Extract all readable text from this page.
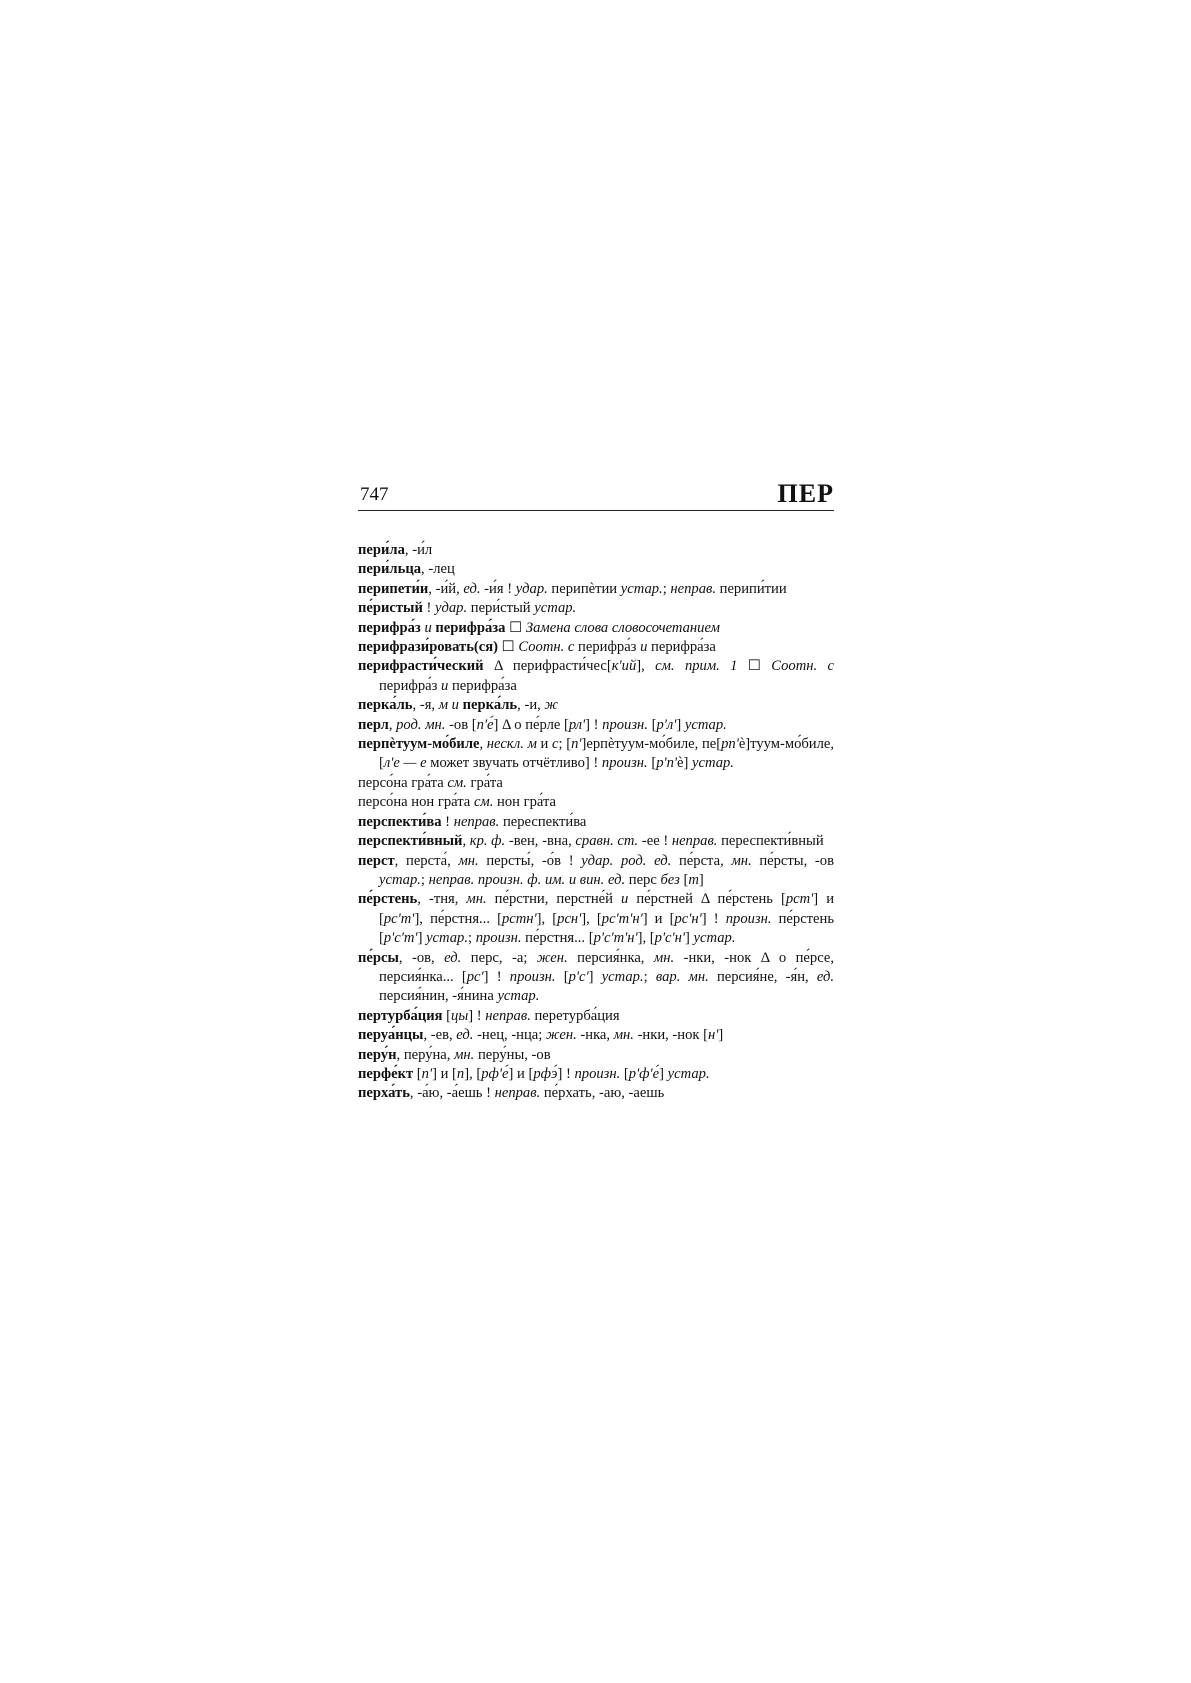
747	ПЕР

пери́ла, -и́л

пери́льца, -лец

перипети́и, -и́й, ед. -и́я ! удар. перипѐтии устар.; неправ. перипи́тии

пе́ристый ! удар. пери́стый устар.

перифра́з и перифра́за ☐ Замена слова словосочетанием

перифрази́ровать(ся) ☐ Соотн. с перифра́з и перифра́за

перифрасти́ческий Δ перифрасти́чес[к'ий], см. прим. 1 ☐ Соотн. с перифра́з и перифра́за

перка́ль, -я, м и перка́ль, -и, ж

перл, род. мн. -ов [п'е́] Δ о пе́рле [рл'] ! произн. [р'л'] устар.

перпѐтуум-мо́биле, нескл. м и с; [п']ерпѐтуум-мо́биле, пе[рп'è]туум-мо́биле, [л'е — е может звучать отчётливо] ! произн. [р'п'è] устар.

персо́на гра́та см. гра́та

персо́на нон гра́та см. нон гра́та

перспекти́ва ! неправ. переспекти́ва

перспекти́вный, кр. ф. -вен, -вна, сравн. ст. -ее ! неправ. переспекти́вный

перст, перста́, мн. персты́, -о́в ! удар. род. ед. пе́рста, мн. пе́рсты, -ов устар.; неправ. произн. ф. им. и вин. ед. перс без [т]

пе́рстень, -тня, мн. пе́рстни, перстне́й и пе́рстней Δ пе́рстень [рст'] и [рс'т'], пе́рстня... [рстн'], [рсн'], [рс'т'н'] и [рс'н'] ! произн. пе́рстень [р'с'т'] устар.; произн. пе́рстня... [р'с'т'н'], [р'с'н'] устар.

пе́рсы, -ов, ед. перс, -а; жен. персия́нка, мн. -нки, -нок Δ о пе́рсе, персия́нка... [рс'] ! произн. [р'с'] устар.; вар. мн. персия́не, -я́н, ед. персия́нин, -я́нина устар.

пертурба́ция [цы] ! неправ. перетурба́ция

перуа́нцы, -ев, ед. -нец, -нца; жен. -нка, мн. -нки, -нок [н']

перу́н, перу́на, мн. перу́ны, -ов

перфе́кт [п'] и [п], [рф'е́] и [рфэ́] ! произн. [р'ф'е́] устар.

перха́ть, -а́ю, -а́ешь ! неправ. пе́рхать, -аю, -аешь
